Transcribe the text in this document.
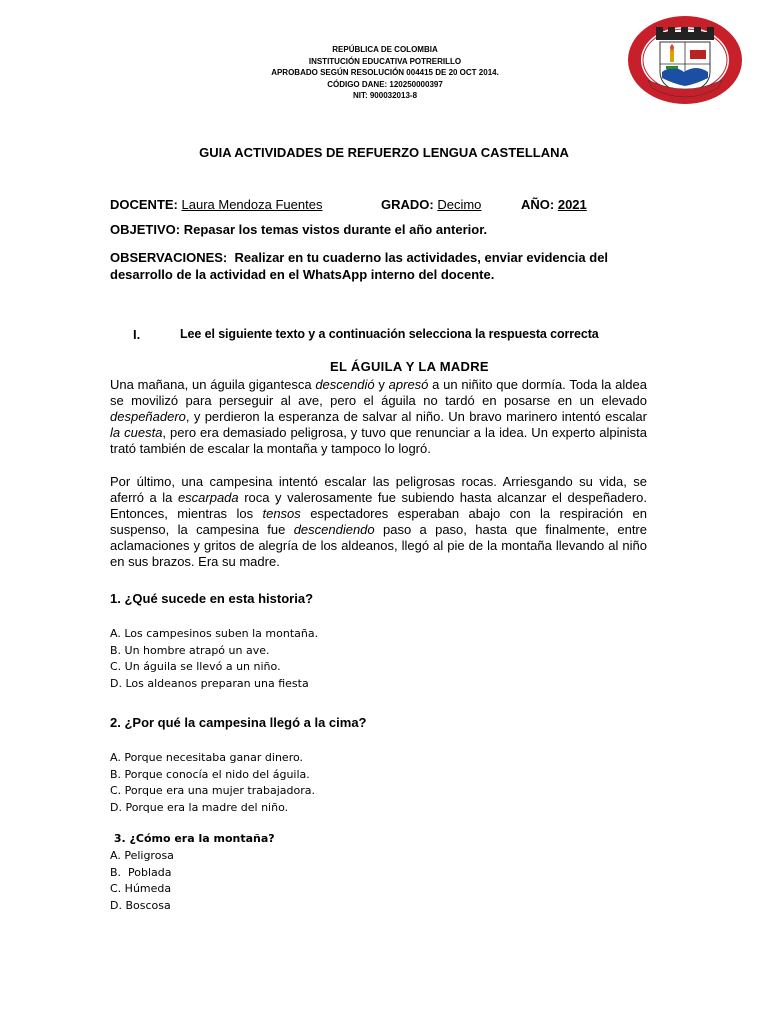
REPÚBLICA DE COLOMBIA
INSTITUCIÓN EDUCATIVA POTRERILLO
APROBADO SEGÚN RESOLUCIÓN 004415 DE 20 OCT 2014.
CÓDIGO DANE: 120250000397
NIT: 900032013-8
GUIA ACTIVIDADES DE REFUERZO LENGUA CASTELLANA
DOCENTE: Laura Mendoza Fuentes	GRADO: Decimo	AÑO: 2021
OBJETIVO: Repasar los temas vistos durante el año anterior.
OBSERVACIONES: Realizar en tu cuaderno las actividades, enviar evidencia del desarrollo de la actividad en el WhatsApp interno del docente.
I.	Lee el siguiente texto y a continuación selecciona la respuesta correcta
EL ÁGUILA Y LA MADRE
Una mañana, un águila gigantesca descendió y apresó a un niñito que dormía. Toda la aldea se movilizó para perseguir al ave, pero el águila no tardó en posarse en un elevado despeñadero, y perdieron la esperanza de salvar al niño. Un bravo marinero intentó escalar la cuesta, pero era demasiado peligrosa, y tuvo que renunciar a la idea. Un experto alpinista trató también de escalar la montaña y tampoco lo logró.
Por último, una campesina intentó escalar las peligrosas rocas. Arriesgando su vida, se aferró a la escarpada roca y valerosamente fue subiendo hasta alcanzar el despeñadero. Entonces, mientras los tensos espectadores esperaban abajo con la respiración en suspenso, la campesina fue descendiendo paso a paso, hasta que finalmente, entre aclamaciones y gritos de alegría de los aldeanos, llegó al pie de la montaña llevando al niño en sus brazos. Era su madre.
1. ¿Qué sucede en esta historia?
A. Los campesinos suben la montaña.
B. Un hombre atrapó un ave.
C. Un águila se llevó a un niño.
D. Los aldeanos preparan una fiesta
2. ¿Por qué la campesina llegó a la cima?
A. Porque necesitaba ganar dinero.
B. Porque conocía el nido del águila.
C. Porque era una mujer trabajadora.
D. Porque era la madre del niño.
3. ¿Cómo era la montaña?
A. Peligrosa
B.  Poblada
C. Húmeda
D. Boscosa
